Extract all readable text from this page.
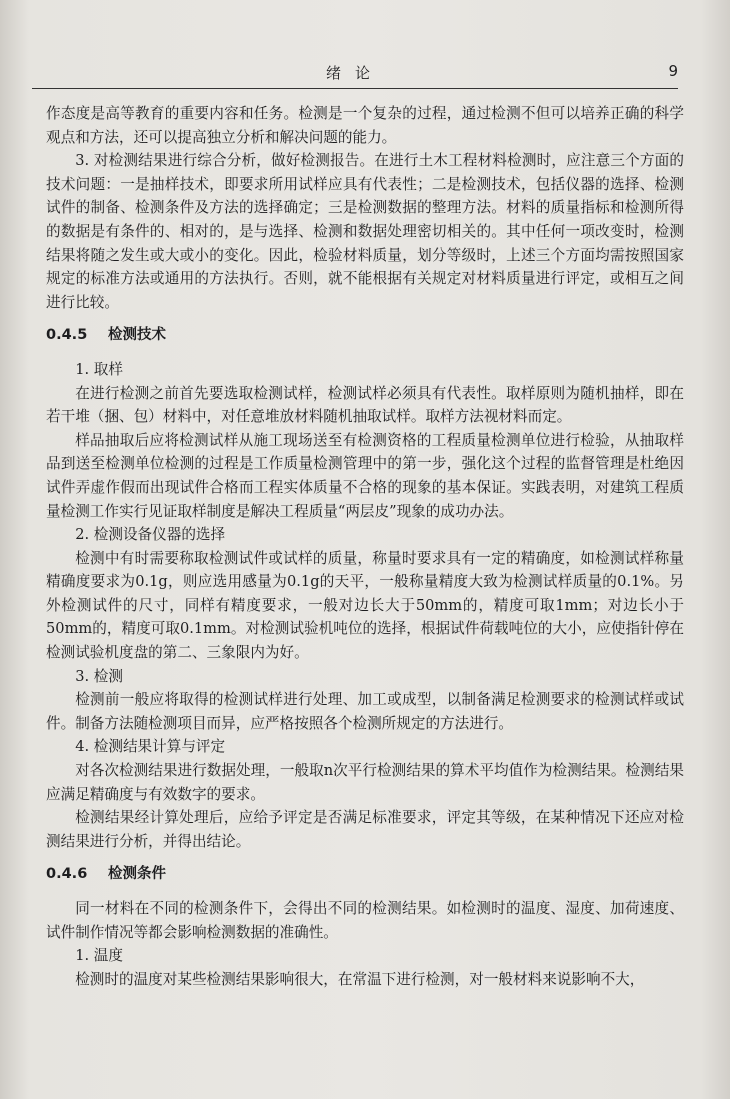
绪论	9

作态度是高等教育的重要内容和任务。检测是一个复杂的过程，通过检测不但可以培养正确的科学观点和方法，还可以提高独立分析和解决问题的能力。

3. 对检测结果进行综合分析，做好检测报告。在进行土木工程材料检测时，应注意三个方面的技术问题：一是抽样技术，即要求所用试样应具有代表性；二是检测技术，包括仪器的选择、检测试件的制备、检测条件及方法的选择确定；三是检测数据的整理方法。材料的质量指标和检测所得的数据是有条件的、相对的，是与选择、检测和数据处理密切相关的。其中任何一项改变时，检测结果将随之发生或大或小的变化。因此，检验材料质量，划分等级时，上述三个方面均需按照国家规定的标准方法或通用的方法执行。否则，就不能根据有关规定对材料质量进行评定，或相互之间进行比较。

0.4.5 检测技术

1. 取样

在进行检测之前首先要选取检测试样，检测试样必须具有代表性。取样原则为随机抽样，即在若干堆（捆、包）材料中，对任意堆放材料随机抽取试样。取样方法视材料而定。

样品抽取后应将检测试样从施工现场送至有检测资格的工程质量检测单位进行检验，从抽取样品到送至检测单位检测的过程是工作质量检测管理中的第一步，强化这个过程的监督管理是杜绝因试件弄虚作假而出现试件合格而工程实体质量不合格的现象的基本保证。实践表明，对建筑工程质量检测工作实行见证取样制度是解决工程质量“两层皮”现象的成功办法。

2. 检测设备仪器的选择

检测中有时需要称取检测试件或试样的质量，称量时要求具有一定的精确度，如检测试样称量精确度要求为0.1g，则应选用感量为0.1g的天平，一般称量精度大致为检测试样质量的0.1%。另外检测试件的尺寸，同样有精度要求，一般对边长大于50mm的，精度可取1mm；对边长小于50mm的，精度可取0.1mm。对检测试验机吨位的选择，根据试件荷载吨位的大小，应使指针停在检测试验机度盘的第二、三象限内为好。

3. 检测

检测前一般应将取得的检测试样进行处理、加工或成型，以制备满足检测要求的检测试样或试件。制备方法随检测项目而异，应严格按照各个检测所规定的方法进行。

4. 检测结果计算与评定

对各次检测结果进行数据处理，一般取n次平行检测结果的算术平均值作为检测结果。检测结果应满足精确度与有效数字的要求。

检测结果经计算处理后，应给予评定是否满足标准要求，评定其等级，在某种情况下还应对检测结果进行分析，并得出结论。

0.4.6 检测条件

同一材料在不同的检测条件下，会得出不同的检测结果。如检测时的温度、湿度、加荷速度、试件制作情况等都会影响检测数据的准确性。

1. 温度

检测时的温度对某些检测结果影响很大，在常温下进行检测，对一般材料来说影响不大，
